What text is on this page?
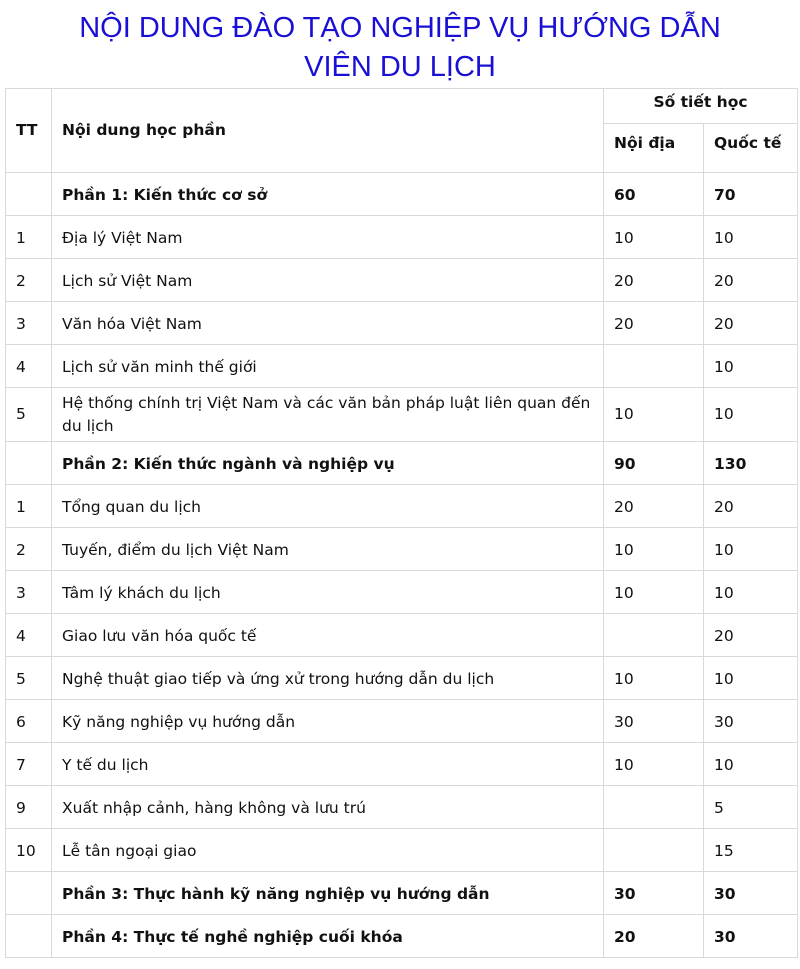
NỘI DUNG ĐÀO TẠO NGHIỆP VỤ HƯỚNG DẪN
VIÊN DU LỊCH
TT	Nội dung học phần	Số tiết học	
		Nội địa	Quốc tế
	Phần 1: Kiến thức cơ sở	60	70
1	Địa lý Việt Nam	10	10
2	Lịch sử Việt Nam	20	20
3	Văn hóa Việt Nam	20	20
4	Lịch sử văn minh thế giới		10
5	Hệ thống chính trị Việt Nam và các văn bản pháp luật liên quan đến du lịch	10	10
	Phần 2: Kiến thức ngành và nghiệp vụ	90	130
1	Tổng quan du lịch	20	20
2	Tuyến, điểm du lịch Việt Nam	10	10
3	Tâm lý khách du lịch	10	10
4	Giao lưu văn hóa quốc tế		20
5	Nghệ thuật giao tiếp và ứng xử trong hướng dẫn du lịch	10	10
6	Kỹ năng nghiệp vụ hướng dẫn	30	30
7	Y tế du lịch	10	10
9	Xuất nhập cảnh, hàng không và lưu trú		5
10	Lễ tân ngoại giao		15
	Phần 3: Thực hành kỹ năng nghiệp vụ hướng dẫn	30	30
	Phần 4: Thực tế nghề nghiệp cuối khóa	20	30
